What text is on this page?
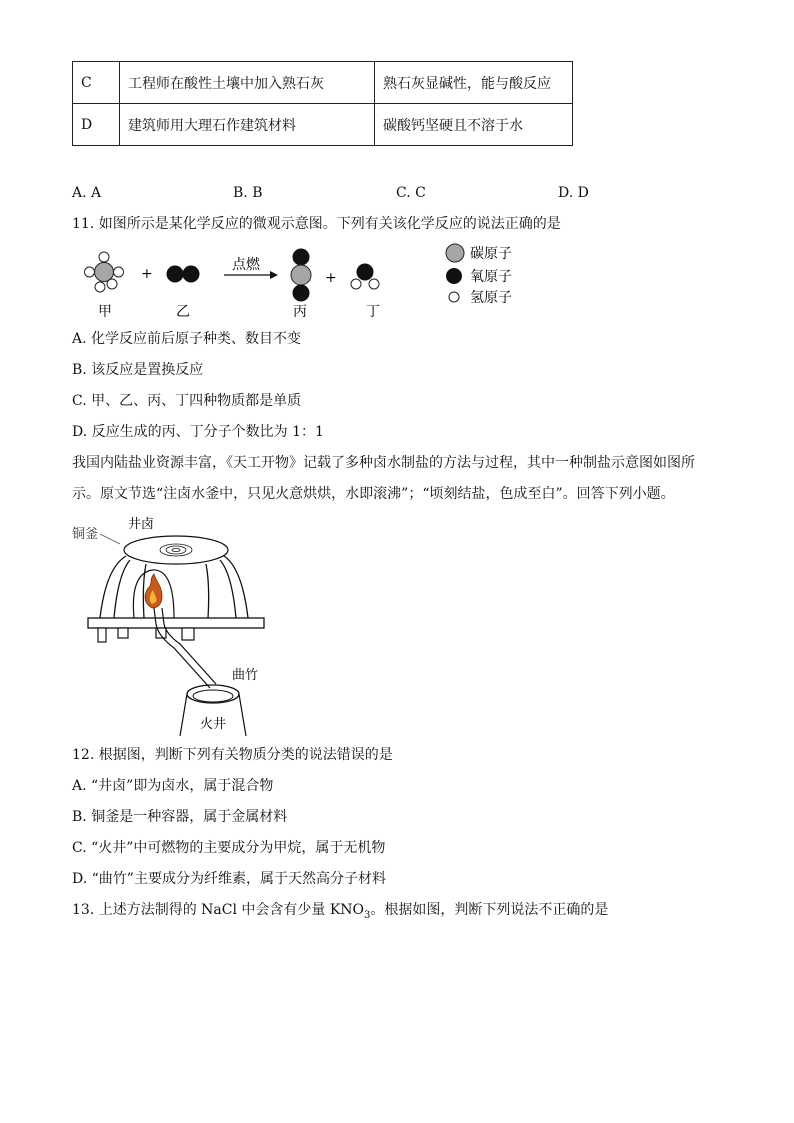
C	工程师在酸性土壤中加入熟石灰	熟石灰显碱性，能与酸反应
D	建筑师用大理石作建筑材料	碳酸钙坚硬且不溶于水
A. A	B. B	C. C	D. D
11. 如图所示是某化学反应的微观示意图。下列有关该化学反应的说法正确的是
+
点燃
+
甲	乙	丙	丁
碳原子
氧原子
氢原子
A. 化学反应前后原子种类、数目不变
B. 该反应是置换反应
C. 甲、乙、丙、丁四种物质都是单质
D. 反应生成的丙、丁分子个数比为 1：1
我国内陆盐业资源丰富，《天工开物》记载了多种卤水制盐的方法与过程，其中一种制盐示意图如图所
示。原文节选“注卤水釜中，只见火意烘烘，水即滚沸”；“顷刻结盐，色成至白”。回答下列小题。
铜釜
井卤
曲竹
火井
12. 根据图，判断下列有关物质分类的说法错误的是
A. “井卤”即为卤水，属于混合物
B. 铜釜是一种容器，属于金属材料
C. “火井”中可燃物的主要成分为甲烷，属于无机物
D. “曲竹”主要成分为纤维素，属于天然高分子材料
13. 上述方法制得的 NaCl 中会含有少量 $KNO_3$。根据如图，判断下列说法不正确的是
